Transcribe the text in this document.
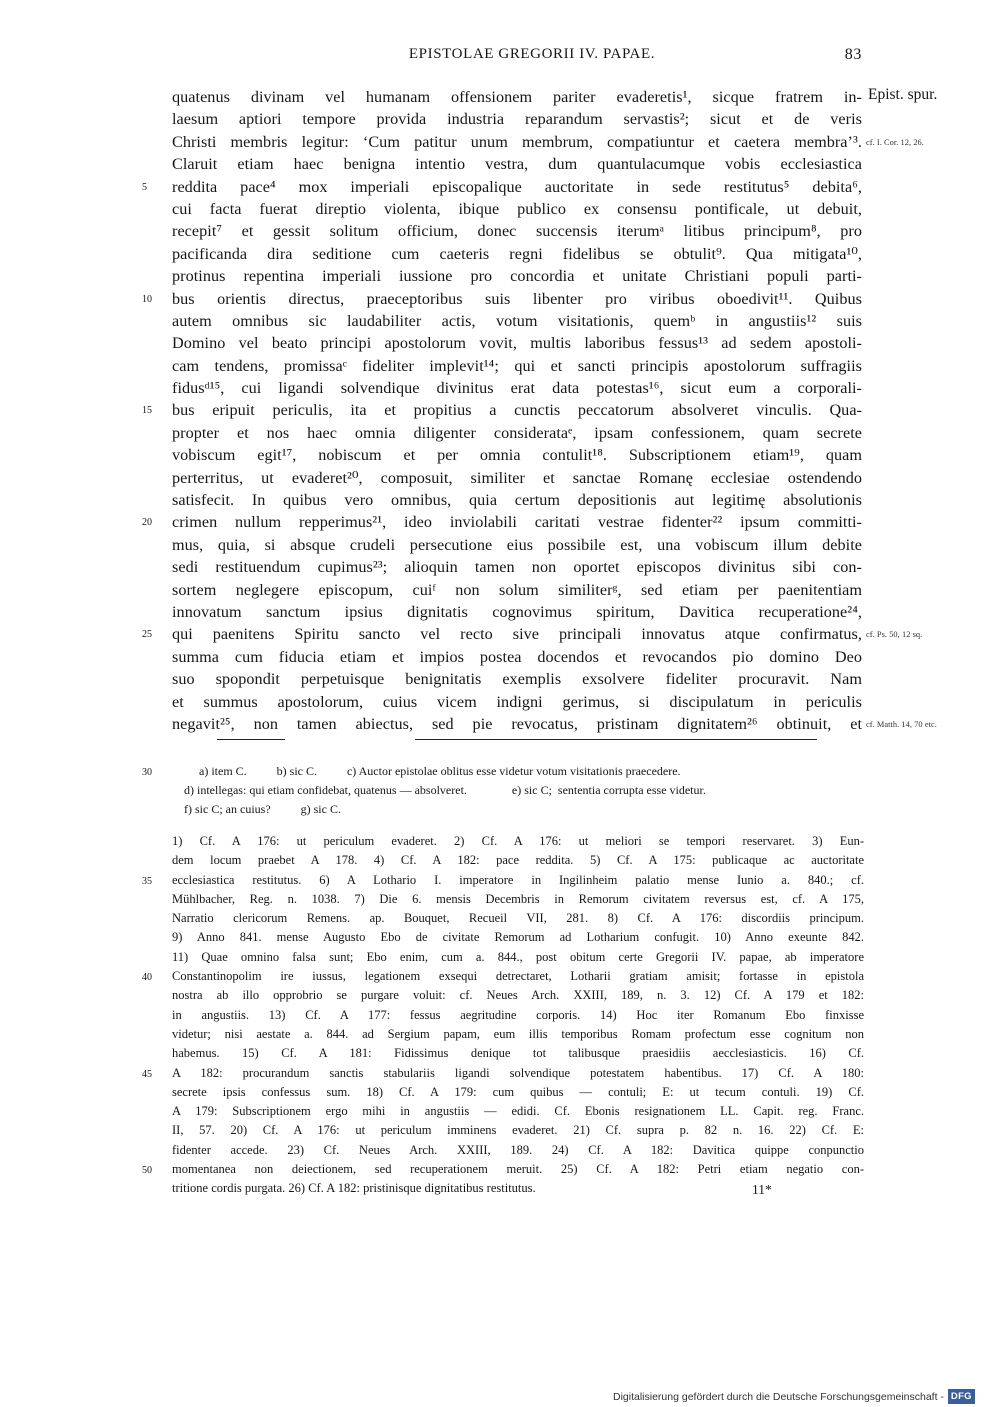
EPISTOLAE GREGORII IV. PAPAE.	83
Epist. spur.
quatenus divinam vel humanam offensionem pariter evaderetis¹, sicque fratrem in-
laesum aptiori tempore provida industria reparandum servastis²; sicut et de veris
Christi membris legitur: ‘Cum patitur unum membrum, compatiuntur et caetera membra’³. cf. I. Cor. 12, 26.
Claruit etiam haec benigna intentio vestra, dum quantulacumque vobis ecclesiastica
5	reddita pace⁴ mox imperiali episcopalique auctoritate in sede restitutus⁵ debita⁶,
cui facta fuerat direptio violenta, ibique publico ex consensu pontificale, ut debuit,
recepit⁷ et gessit solitum officium, donec succensis iterumᵃ litibus principum⁸, pro
pacificanda dira seditione cum caeteris regni fidelibus se obtulit⁹. Qua mitigata¹⁰,
protinus repentina imperiali iussione pro concordia et unitate Christiani populi parti-
10	bus orientis directus, praeceptoribus suis libenter pro viribus oboedivit¹¹. Quibus
autem omnibus sic laudabiliter actis, votum visitationis, quemᵇ in angustiis¹² suis
Domino vel beato principi apostolorum vovit, multis laboribus fessus¹³ ad sedem apostoli-
cam tendens, promissaᶜ fideliter implevit¹⁴; qui et sancti principis apostolorum suffragiis
fidusᵈ¹⁵, cui ligandi solvendique divinitus erat data potestas¹⁶, sicut eum a corporali-
15	bus eripuit periculis, ita et propitius a cunctis peccatorum absolveret vinculis. Qua-
propter et nos haec omnia diligenter considerataᵉ, ipsam confessionem, quam secrete
vobiscum egit¹⁷, nobiscum et per omnia contulit¹⁸. Subscriptionem etiam¹⁹, quam
perterritus, ut evaderet²⁰, composuit, similiter et sanctae Romanę ecclesiae ostendendo
satisfecit. In quibus vero omnibus, quia certum depositionis aut legitimę absolutionis
20	crimen nullum repperimus²¹, ideo inviolabili caritati vestrae fidenter²² ipsum committi-
mus, quia, si absque crudeli persecutione eius possibile est, una vobiscum illum debite
sedi restituendum cupimus²³; alioquin tamen non oportet episcopos divinitus sibi con-
sortem neglegere episcopum, cuiᶠ non solum similiterᵍ, sed etiam per paenitentiam
innovatum sanctum ipsius dignitatis cognovimus spiritum, Davitica recuperatione²⁴,
25	qui paenitens Spiritu sancto vel recto sive principali innovatus atque confirmatus, cf. Ps. 50, 12 sq.
summa cum fiducia etiam et impios postea docendos et revocandos pio domino Deo
suo spopondit perpetuisque benignitatis exemplis exsolvere fideliter procuravit. Nam
et summus apostolorum, cuius vicem indigni gerimus, si discipulatum in periculis
negavit²⁵, non tamen abiectus, sed pie revocatus, pristinam dignitatem²⁶ obtinuit, et cf. Matth. 14, 70 etc.
30	a) item C.          b) sic C.          c) Auctor epistolae oblitus esse videtur votum visitationis praecedere.
d) intellegas: qui etiam confidebat, quatenus — absolveret.               e) sic C;  sententia corrupta esse videtur.
f) sic C; an cuius?          g) sic C.
1) Cf. A 176: ut periculum evaderet. 2) Cf. A 176: ut meliori se tempori reservaret. 3) Eun-
dem locum praebet A 178. 4) Cf. A 182: pace reddita. 5) Cf. A 175: publicaque ac auctoritate
35	ecclesiastica restitutus. 6) A Lothario I. imperatore in Ingilinheim palatio mense Iunio a. 840.; cf.
Mühlbacher, Reg. n. 1038. 7) Die 6. mensis Decembris in Remorum civitatem reversus est, cf. A 175,
Narratio clericorum Remens. ap. Bouquet, Recueil VII, 281. 8) Cf. A 176: discordiis principum.
9) Anno 841. mense Augusto Ebo de civitate Remorum ad Lotharium confugit. 10) Anno exeunte 842.
11) Quae omnino falsa sunt; Ebo enim, cum a. 844., post obitum certe Gregorii IV. papae, ab imperatore
40	Constantinopolim ire iussus, legationem exsequi detrectaret, Lotharii gratiam amisit; fortasse in epistola
nostra ab illo opprobrio se purgare voluit: cf. Neues Arch. XXIII, 189, n. 3. 12) Cf. A 179 et 182:
in angustiis. 13) Cf. A 177: fessus aegritudine corporis. 14) Hoc iter Romanum Ebo finxisse
videtur; nisi aestate a. 844. ad Sergium papam, eum illis temporibus Romam profectum esse cognitum non
habemus. 15) Cf. A 181: Fidissimus denique tot talibusque praesidiis aecclesiasticis. 16) Cf.
45	A 182: procurandum sanctis stabulariis ligandi solvendique potestatem habentibus. 17) Cf. A 180:
secrete ipsis confessus sum. 18) Cf. A 179: cum quibus — contuli; E: ut tecum contuli. 19) Cf.
A 179: Subscriptionem ergo mihi in angustiis — edidi. Cf. Ebonis resignationem LL. Capit. reg. Franc.
II, 57. 20) Cf. A 176: ut periculum imminens evaderet. 21) Cf. supra p. 82 n. 16. 22) Cf. E:
fidenter accede. 23) Cf. Neues Arch. XXIII, 189. 24) Cf. A 182: Davitica quippe conpunctio
50	momentanea non deiectionem, sed recuperationem meruit. 25) Cf. A 182: Petri etiam negatio con-
tritione cordis purgata. 26) Cf. A 182: pristinisque dignitatibus restitutus.	11*
Digitalisierung gefördert durch die Deutsche Forschungsgemeinschaft - DFG
